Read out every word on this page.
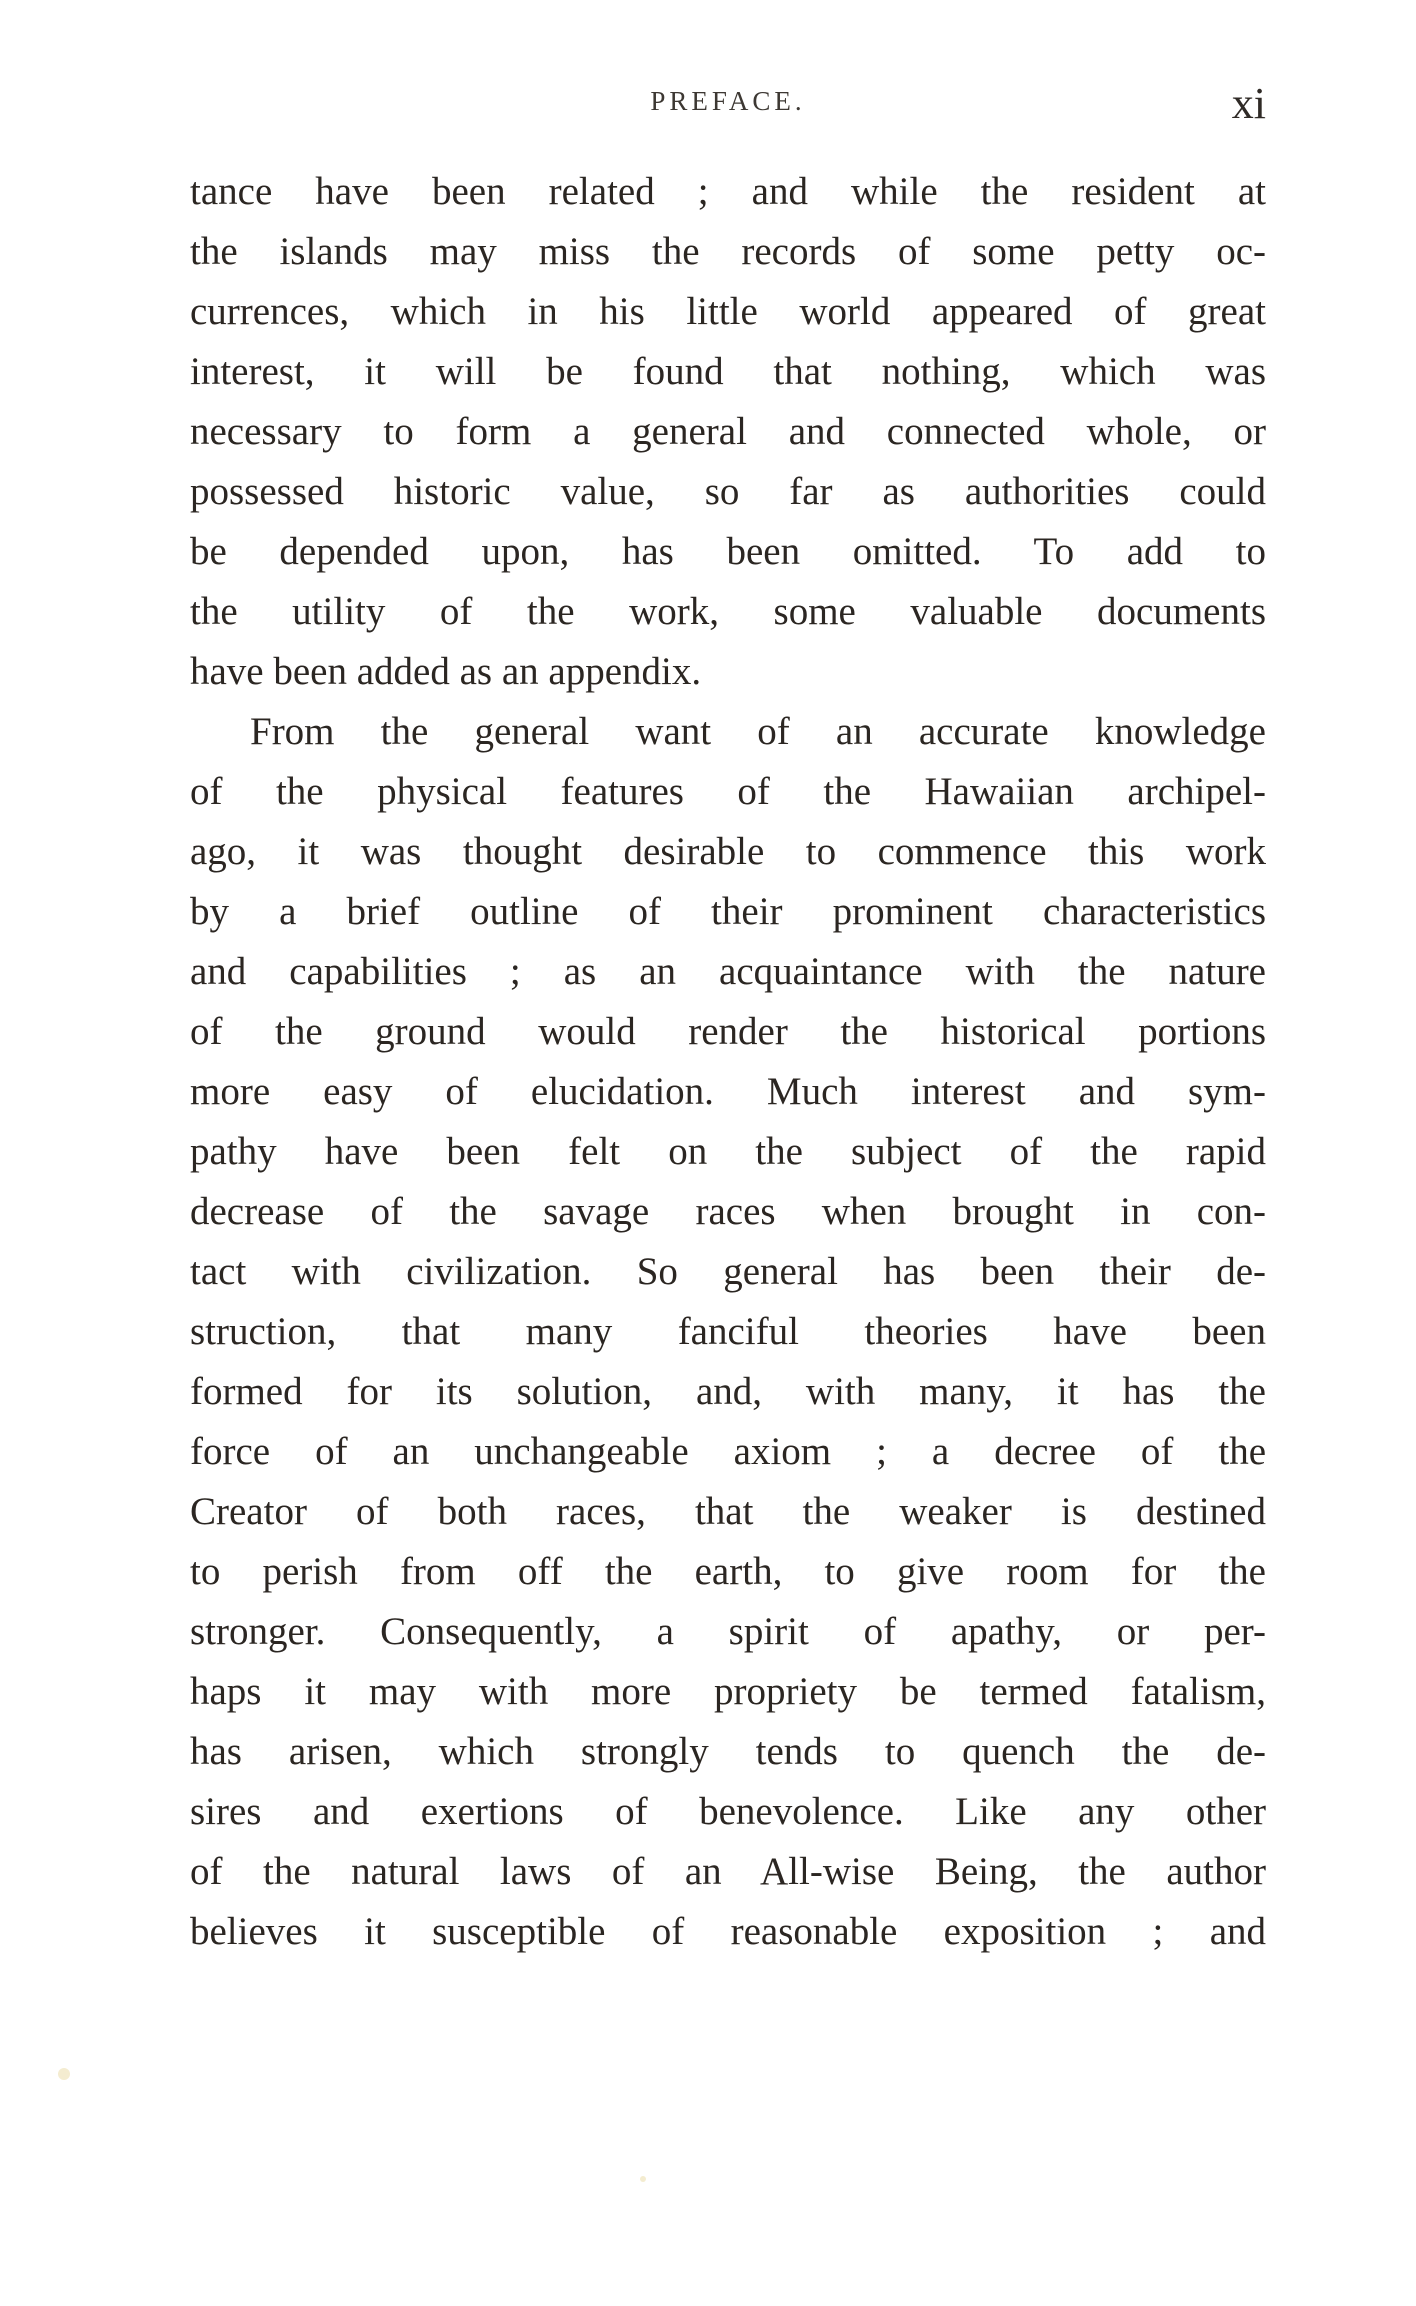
PREFACE.	xi
tance have been related ; and while the resident at
the islands may miss the records of some petty oc-
currences, which in his little world appeared of great
interest, it will be found that nothing, which was
necessary to form a general and connected whole, or
possessed historic value, so far as authorities could
be depended upon, has been omitted. To add to
the utility of the work, some valuable documents
have been added as an appendix.
From the general want of an accurate knowledge
of the physical features of the Hawaiian archipel-
ago, it was thought desirable to commence this work
by a brief outline of their prominent characteristics
and capabilities ; as an acquaintance with the nature
of the ground would render the historical portions
more easy of elucidation. Much interest and sym-
pathy have been felt on the subject of the rapid
decrease of the savage races when brought in con-
tact with civilization. So general has been their de-
struction, that many fanciful theories have been
formed for its solution, and, with many, it has the
force of an unchangeable axiom ; a decree of the
Creator of both races, that the weaker is destined
to perish from off the earth, to give room for the
stronger. Consequently, a spirit of apathy, or per-
haps it may with more propriety be termed fatalism,
has arisen, which strongly tends to quench the de-
sires and exertions of benevolence. Like any other
of the natural laws of an All-wise Being, the author
believes it susceptible of reasonable exposition ; and
